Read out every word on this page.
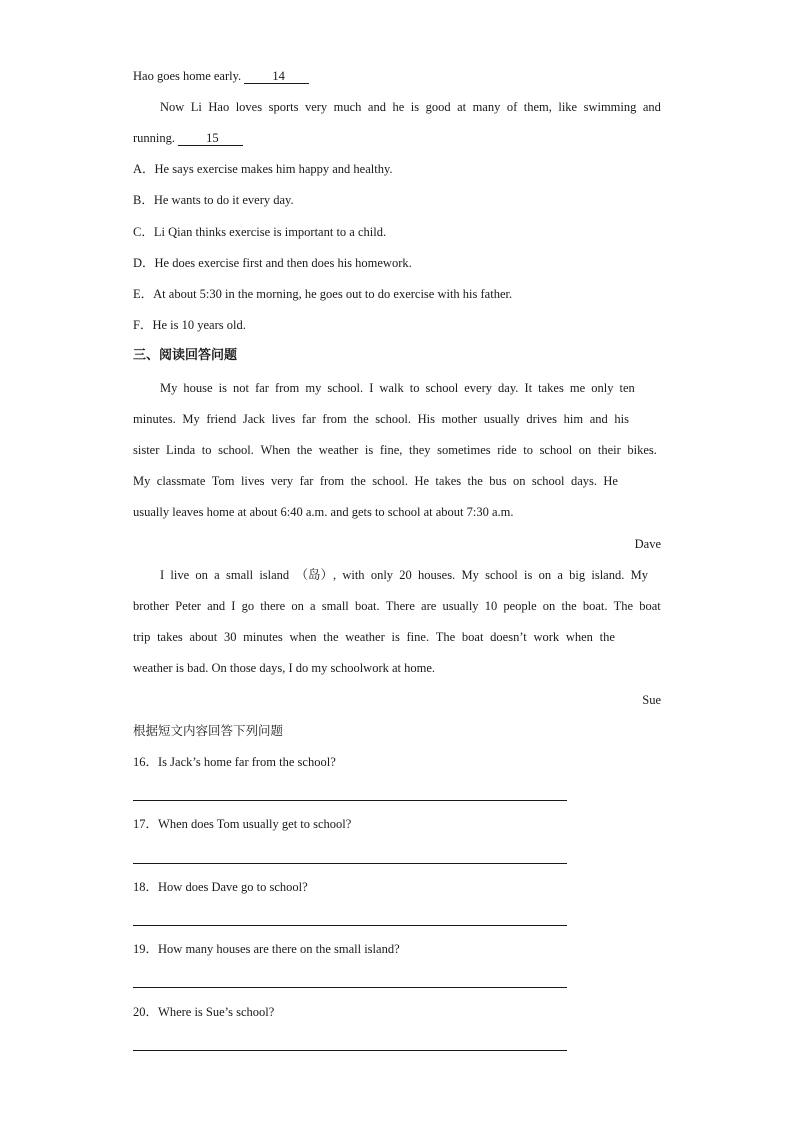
Hao goes home early. 14
Now Li Hao loves sports very much and he is good at many of them, like swimming and
running. 15
A．He says exercise makes him happy and healthy.
B．He wants to do it every day.
C．Li Qian thinks exercise is important to a child.
D．He does exercise first and then does his homework.
E．At about 5:30 in the morning, he goes out to do exercise with his father.
F．He is 10 years old.
三、阅读回答问题
My house is not far from my school. I walk to school every day. It takes me only ten
minutes. My friend Jack lives far from the school. His mother usually drives him and his
sister Linda to school. When the weather is fine, they sometimes ride to school on their bikes.
My classmate Tom lives very far from the school. He takes the bus on school days. He
usually leaves home at about 6:40 a.m. and gets to school at about 7:30 a.m.
Dave
I live on a small island （岛）, with only 20 houses. My school is on a big island. My
brother Peter and I go there on a small boat. There are usually 10 people on the boat. The boat
trip takes about 30 minutes when the weather is fine. The boat doesn’t work when the
weather is bad. On those days, I do my schoolwork at home.
Sue
根据短文内容回答下列问题
16．Is Jack’s home far from the school?
17．When does Tom usually get to school?
18．How does Dave go to school?
19．How many houses are there on the small island?
20．Where is Sue’s school?
